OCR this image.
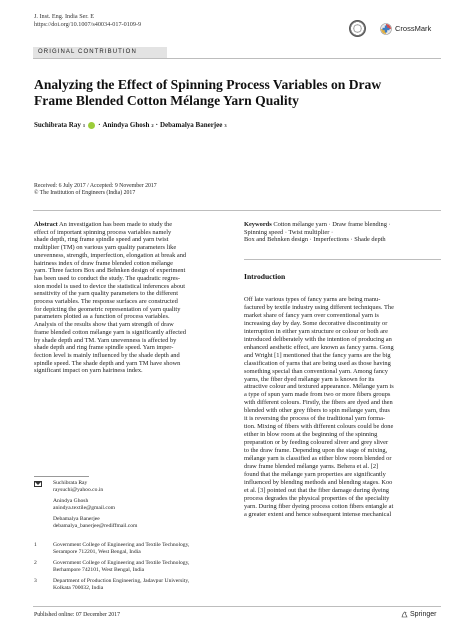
J. Inst. Eng. India Ser. E
https://doi.org/10.1007/s40034-017-0109-9	CrossMark
ORIGINAL CONTRIBUTION
Analyzing the Effect of Spinning Process Variables on Draw
Frame Blended Cotton Mélange Yarn Quality
Suchibrata Ray 1 · Anindya Ghosh 2 · Debamalya Banerjee 3
Received: 6 July 2017 / Accepted: 9 November 2017
© The Institution of Engineers (India) 2017
Abstract An investigation has been made to study the
effect of important spinning process variables namely
shade depth, ring frame spindle speed and yarn twist
multiplier (TM) on various yarn quality parameters like
unevenness, strength, imperfection, elongation at break and
hairiness index of draw frame blended cotton mélange
yarn. Three factors Box and Behnken design of experiment
has been used to conduct the study. The quadratic regres-
sion model is used to device the statistical inferences about
sensitivity of the yarn quality parameters to the different
process variables. The response surfaces are constructed
for depicting the geometric representation of yarn quality
parameters plotted as a function of process variables.
Analysis of the results show that yarn strength of draw
frame blended cotton mélange yarn is significantly affected
by shade depth and TM. Yarn unevenness is affected by
shade depth and ring frame spindle speed. Yarn imper-
fection level is mainly influenced by the shade depth and
spindle speed. The shade depth and yarn TM have shown
significant impact on yarn hairiness index.
Keywords Cotton mélange yarn · Draw frame blending ·
Spinning speed · Twist multiplier ·
Box and Behnken design · Imperfections · Shade depth
Introduction
Off late various types of fancy yarns are being manu-
factured by textile industry using different techniques. The
market share of fancy yarn over conventional yarn is
increasing day by day. Some decorative discontinuity or
interruption in either yarn structure or colour or both are
introduced deliberately with the intention of producing an
enhanced aesthetic effect, are known as fancy yarns. Gong
and Wright [1] mentioned that the fancy yarns are the big
classification of yarns that are being used as those having
something special than conventional yarn. Among fancy
yarns, the fiber dyed mélange yarn is known for its
attractive colour and textured appearance. Mélange yarn is
a type of spun yarn made from two or more fibers groups
with different colours. Firstly, the fibers are dyed and then
blended with other grey fibers to spin mélange yarn, thus
it is reversing the process of the traditional yarn forma-
tion. Mixing of fibers with different colours could be done
either in blow room at the beginning of the spinning
preparation or by feeding coloured sliver and grey sliver
to the draw frame. Depending upon the stage of mixing,
mélange yarn is classified as either blow room blended or
draw frame blended mélange yarns. Behera et al. [2]
found that the mélange yarn properties are significantly
influenced by blending methods and blending stages. Koo
et al. [3] pointed out that the fiber damage during dyeing
process degrades the physical properties of the speciality
yarn. During fiber dyeing process cotton fibers entangle at
a greater extent and hence subsequent intense mechanical
Suchibrata Ray
raysuchi@yahoo.co.in
Anindya Ghosh
anindya.textile@gmail.com
Debamalya Banerjee
debamalya_banerjee@rediffmail.com
1	Government College of Engineering and Textile Technology,
Serampore 712201, West Bengal, India
2	Government College of Engineering and Textile Technology,
Berhampore 742101, West Bengal, India
3	Department of Production Engineering, Jadavpur University,
Kolkata 700032, India
Published online: 07 December 2017	Springer
